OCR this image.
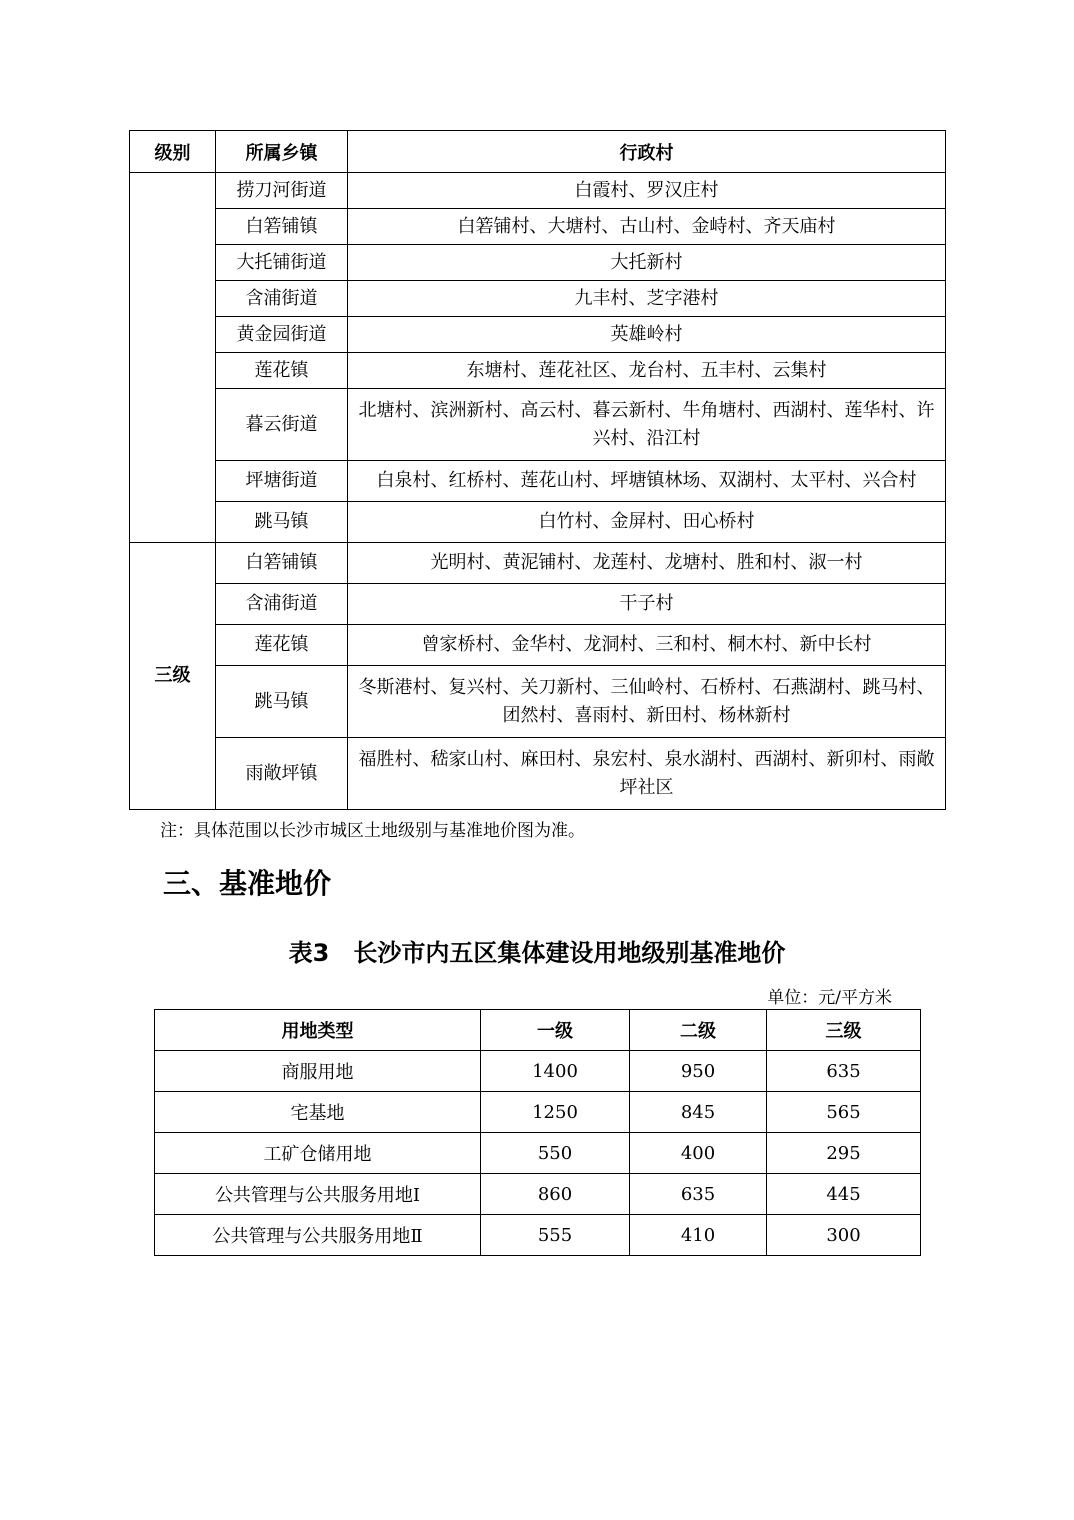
级别	所属乡镇	行政村
	捞刀河街道	白霞村、罗汉庄村
	白箬铺镇	白箬铺村、大塘村、古山村、金峙村、齐天庙村
	大托铺街道	大托新村
	含浦街道	九丰村、芝字港村
	黄金园街道	英雄岭村
	莲花镇	东塘村、莲花社区、龙台村、五丰村、云集村
	暮云街道	北塘村、滨洲新村、高云村、暮云新村、牛角塘村、西湖村、莲华村、许兴村、沿江村
	坪塘街道	白泉村、红桥村、莲花山村、坪塘镇林场、双湖村、太平村、兴合村
	跳马镇	白竹村、金屏村、田心桥村
三级	白箬铺镇	光明村、黄泥铺村、龙莲村、龙塘村、胜和村、淑一村
	含浦街道	干子村
	莲花镇	曾家桥村、金华村、龙洞村、三和村、桐木村、新中长村
	跳马镇	冬斯港村、复兴村、关刀新村、三仙岭村、石桥村、石燕湖村、跳马村、团然村、喜雨村、新田村、杨林新村
	雨敞坪镇	福胜村、嵇家山村、麻田村、泉宏村、泉水湖村、西湖村、新卯村、雨敞坪社区
注：具体范围以长沙市城区土地级别与基准地价图为准。
三、基准地价
表3　长沙市内五区集体建设用地级别基准地价
单位：元/平方米
用地类型	一级	二级	三级
商服用地	1400	950	635
宅基地	1250	845	565
工矿仓储用地	550	400	295
公共管理与公共服务用地Ⅰ	860	635	445
公共管理与公共服务用地Ⅱ	555	410	300
